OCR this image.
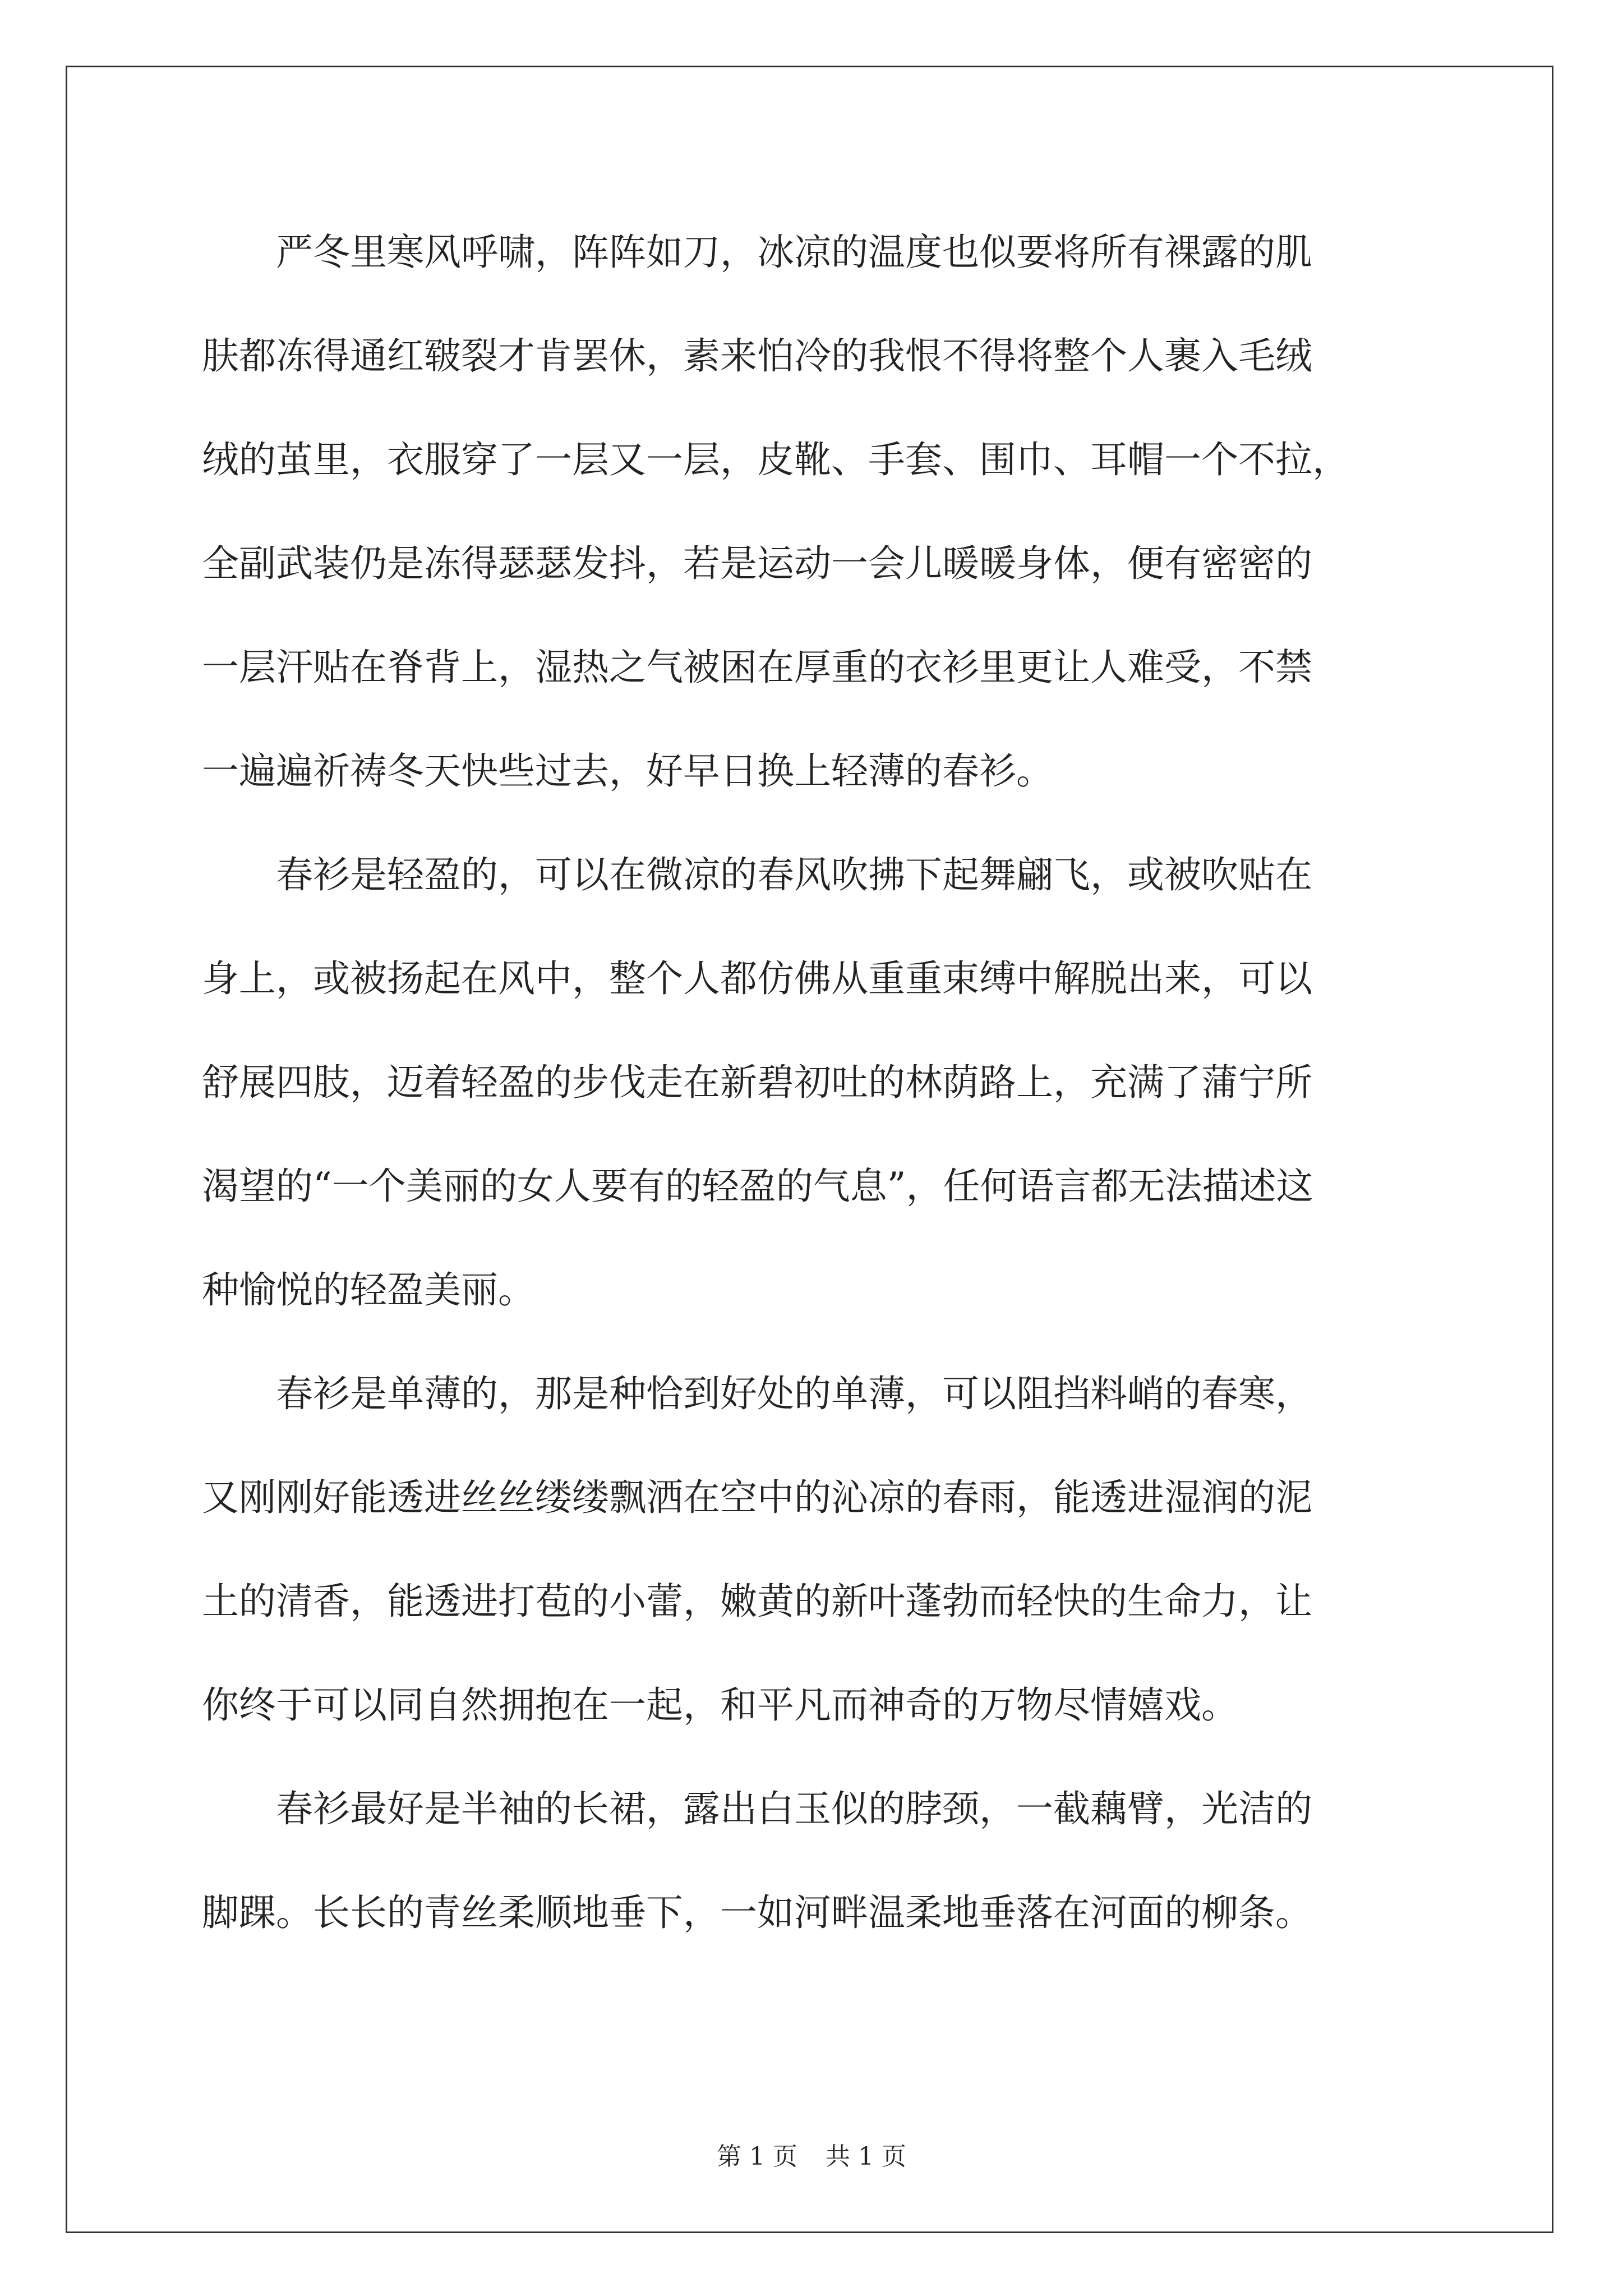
　　严冬里寒风呼啸，阵阵如刀，冰凉的温度也似要将所有裸露的肌
肤都冻得通红皲裂才肯罢休，素来怕冷的我恨不得将整个人裹入毛绒
绒的茧里，衣服穿了一层又一层，皮靴、手套、围巾、耳帽一个不拉，
全副武装仍是冻得瑟瑟发抖，若是运动一会儿暖暖身体，便有密密的
一层汗贴在脊背上，湿热之气被困在厚重的衣衫里更让人难受，不禁
一遍遍祈祷冬天快些过去，好早日换上轻薄的春衫。
　　春衫是轻盈的，可以在微凉的春风吹拂下起舞翩飞，或被吹贴在
身上，或被扬起在风中，整个人都仿佛从重重束缚中解脱出来，可以
舒展四肢，迈着轻盈的步伐走在新碧初吐的林荫路上，充满了蒲宁所
渴望的“一个美丽的女人要有的轻盈的气息”，任何语言都无法描述这
种愉悦的轻盈美丽。
　　春衫是单薄的，那是种恰到好处的单薄，可以阻挡料峭的春寒，
又刚刚好能透进丝丝缕缕飘洒在空中的沁凉的春雨，能透进湿润的泥
土的清香，能透进打苞的小蕾，嫩黄的新叶蓬勃而轻快的生命力，让
你终于可以同自然拥抱在一起，和平凡而神奇的万物尽情嬉戏。
　　春衫最好是半袖的长裙，露出白玉似的脖颈，一截藕臂，光洁的
脚踝。长长的青丝柔顺地垂下，一如河畔温柔地垂落在河面的柳条。
第 1 页 共 1 页
